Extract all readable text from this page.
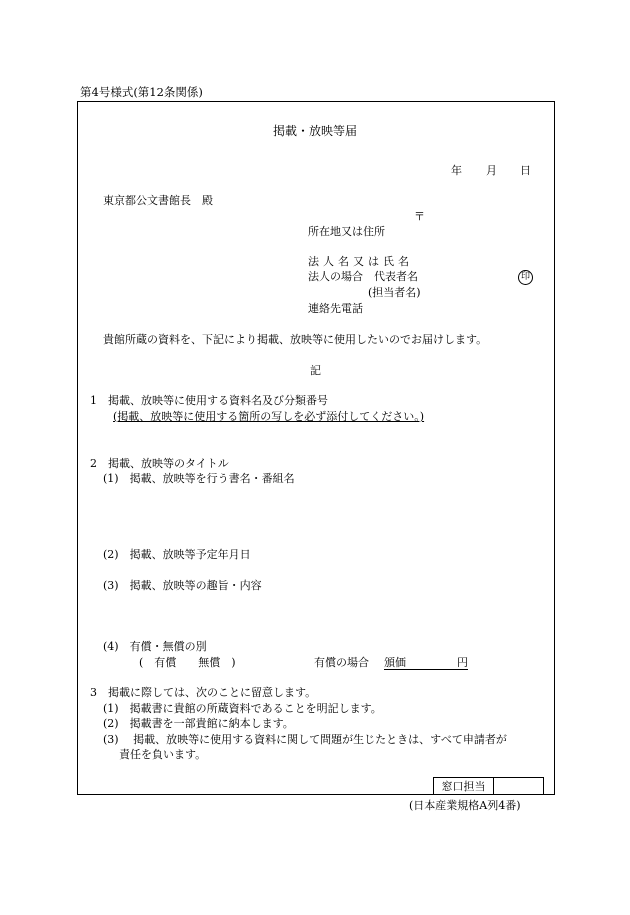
第4号様式(第12条関係)
掲載・放映等届
年 月 日
東京都公文書館長　殿
〒
所在地又は住所
法人名又は氏名
法人の場合　代表者名	印
(担当者名)
連絡先電話
貴館所蔵の資料を、下記により掲載、放映等に使用したいのでお届けします。
記
1　掲載、放映等に使用する資料名及び分類番号
(掲載、放映等に使用する箇所の写しを必ず添付してください。)
2　掲載、放映等のタイトル
(1)　掲載、放映等を行う書名・番組名
(2)　掲載、放映等予定年月日
(3)　掲載、放映等の趣旨・内容
(4)　有償・無償の別
(　有償　　無償　)	有償の場合 頒価	円
3　掲載に際しては、次のことに留意します。
(1)　掲載書に貴館の所蔵資料であることを明記します。
(2)　掲載書を一部貴館に納本します。
(3)　 掲載、放映等に使用する資料に関して問題が生じたときは、すべて申請者が
責任を負います。
窓口担当
(日本産業規格A列4番)
